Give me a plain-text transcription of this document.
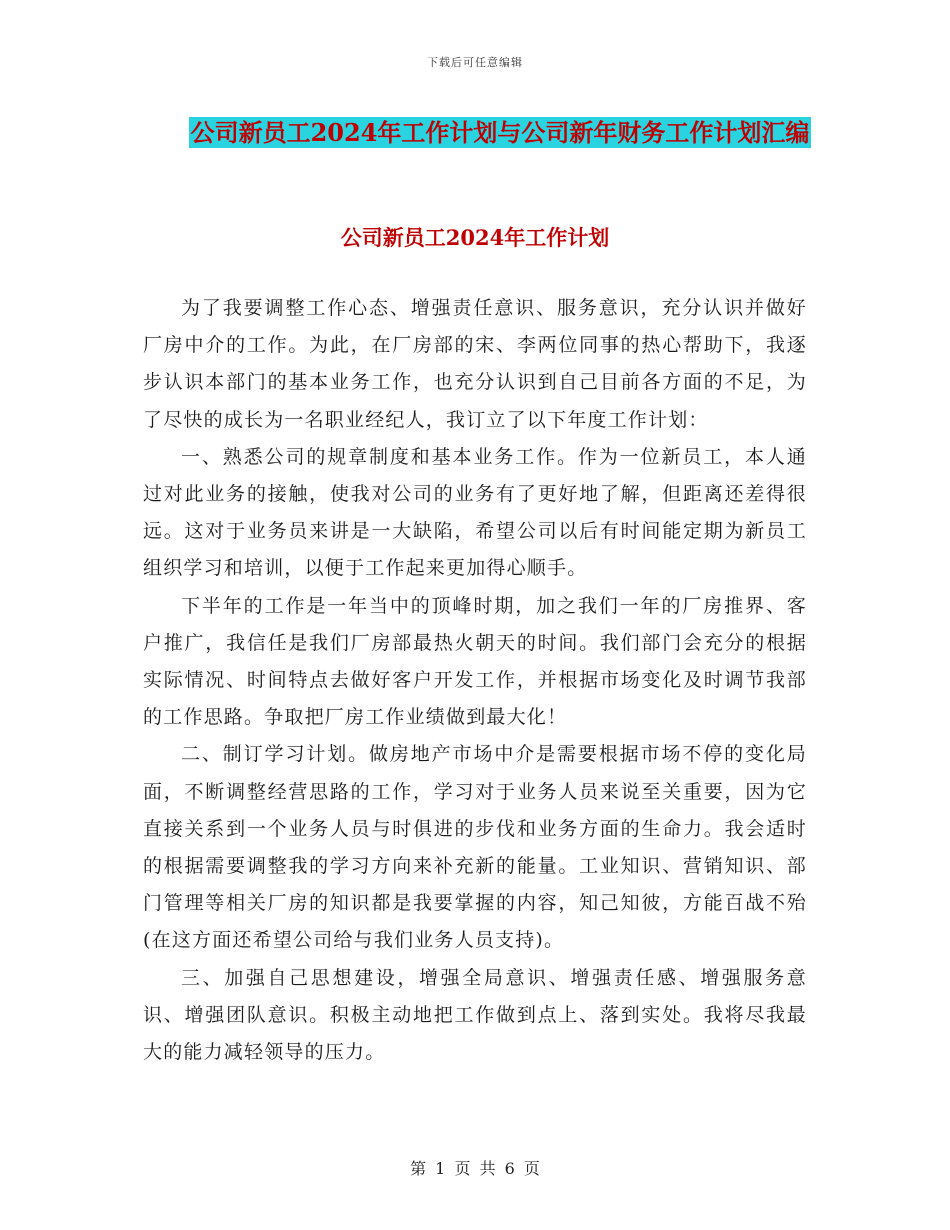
下载后可任意编辑
公司新员工2024年工作计划与公司新年财务工作计划汇编
公司新员工2024年工作计划

为了我要调整工作心态、增强责任意识、服务意识，充分认识并做好厂房中介的工作。为此，在厂房部的宋、李两位同事的热心帮助下，我逐步认识本部门的基本业务工作，也充分认识到自己目前各方面的不足，为了尽快的成长为一名职业经纪人，我订立了以下年度工作计划：

一、熟悉公司的规章制度和基本业务工作。作为一位新员工，本人通过对此业务的接触，使我对公司的业务有了更好地了解，但距离还差得很远。这对于业务员来讲是一大缺陷，希望公司以后有时间能定期为新员工组织学习和培训，以便于工作起来更加得心顺手。

下半年的工作是一年当中的顶峰时期，加之我们一年的厂房推界、客户推广，我信任是我们厂房部最热火朝天的时间。我们部门会充分的根据实际情况、时间特点去做好客户开发工作，并根据市场变化及时调节我部的工作思路。争取把厂房工作业绩做到最大化！

二、制订学习计划。做房地产市场中介是需要根据市场不停的变化局面，不断调整经营思路的工作，学习对于业务人员来说至关重要，因为它直接关系到一个业务人员与时俱进的步伐和业务方面的生命力。我会适时的根据需要调整我的学习方向来补充新的能量。工业知识、营销知识、部门管理等相关厂房的知识都是我要掌握的内容，知己知彼，方能百战不殆(在这方面还希望公司给与我们业务人员支持)。

三、加强自己思想建设，增强全局意识、增强责任感、增强服务意识、增强团队意识。积极主动地把工作做到点上、落到实处。我将尽我最大的能力减轻领导的压力。

第 1 页 共 6 页
